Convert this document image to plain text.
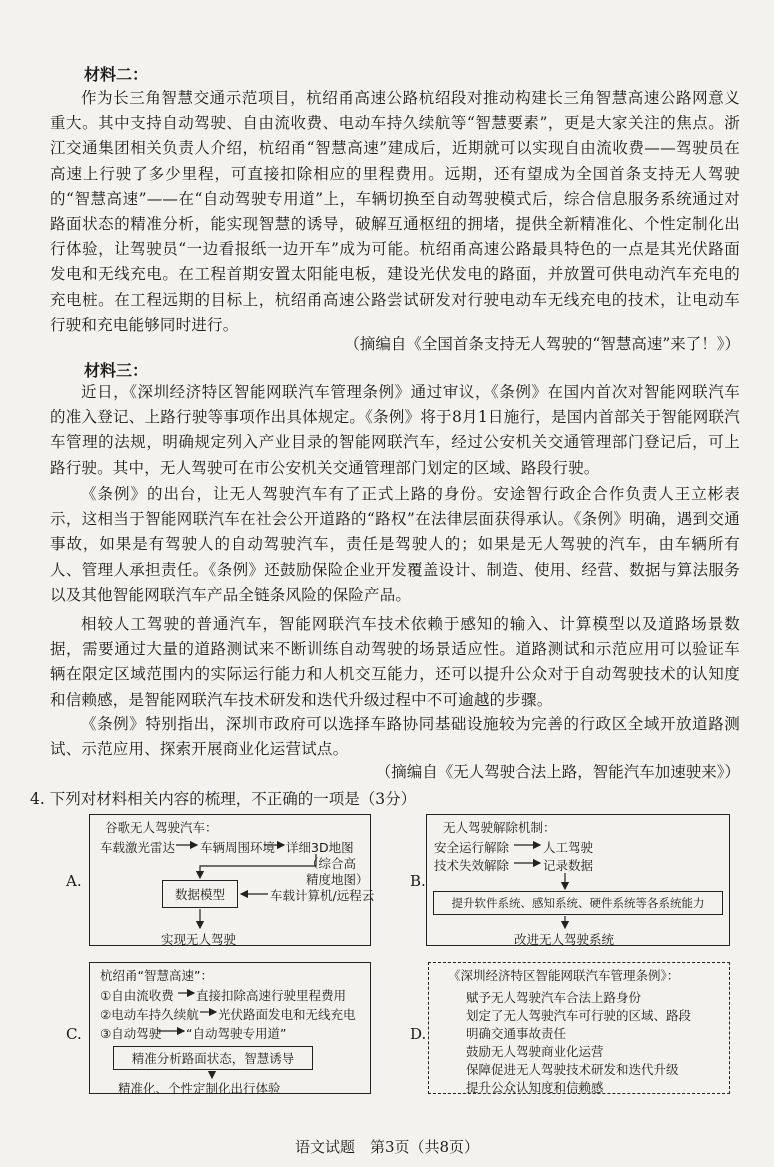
材料二：
作为长三角智慧交通示范项目，杭绍甬高速公路杭绍段对推动构建长三角智慧高速公路网意义重大。其中支持自动驾驶、自由流收费、电动车持久续航等“智慧要素”，更是大家关注的焦点。浙江交通集团相关负责人介绍，杭绍甬“智慧高速”建成后，近期就可以实现自由流收费——驾驶员在高速上行驶了多少里程，可直接扣除相应的里程费用。远期，还有望成为全国首条支持无人驾驶的“智慧高速”——在“自动驾驶专用道”上，车辆切换至自动驾驶模式后，综合信息服务系统通过对路面状态的精准分析，能实现智慧的诱导，破解互通枢纽的拥堵，提供全新精准化、个性定制化出行体验，让驾驶员“一边看报纸一边开车”成为可能。杭绍甬高速公路最具特色的一点是其光伏路面发电和无线充电。在工程首期安置太阳能电板，建设光伏发电的路面，并放置可供电动汽车充电的充电桩。在工程远期的目标上，杭绍甬高速公路尝试研发对行驶电动车无线充电的技术，让电动车行驶和充电能够同时进行。
（摘编自《全国首条支持无人驾驶的“智慧高速”来了！》）
材料三：
近日，《深圳经济特区智能网联汽车管理条例》通过审议，《条例》在国内首次对智能网联汽车的准入登记、上路行驶等事项作出具体规定。《条例》将于8月1日施行，是国内首部关于智能网联汽车管理的法规，明确规定列入产业目录的智能网联汽车，经过公安机关交通管理部门登记后，可上路行驶。其中，无人驾驶可在市公安机关交通管理部门划定的区域、路段行驶。
《条例》的出台，让无人驾驶汽车有了正式上路的身份。安途智行政企合作负责人王立彬表示，这相当于智能网联汽车在社会公开道路的“路权”在法律层面获得承认。《条例》明确，遇到交通事故，如果是有驾驶人的自动驾驶汽车，责任是驾驶人的；如果是无人驾驶的汽车，由车辆所有人、管理人承担责任。《条例》还鼓励保险企业开发覆盖设计、制造、使用、经营、数据与算法服务以及其他智能网联汽车产品全链条风险的保险产品。
相较人工驾驶的普通汽车，智能网联汽车技术依赖于感知的输入、计算模型以及道路场景数据，需要通过大量的道路测试来不断训练自动驾驶的场景适应性。道路测试和示范应用可以验证车辆在限定区域范围内的实际运行能力和人机交互能力，还可以提升公众对于自动驾驶技术的认知度和信赖感，是智能网联汽车技术研发和迭代升级过程中不可逾越的步骤。
《条例》特别指出，深圳市政府可以选择车路协同基础设施较为完善的行政区全域开放道路测试、示范应用、探索开展商业化运营试点。
（摘编自《无人驾驶合法上路，智能汽车加速驶来》）
4. 下列对材料相关内容的梳理，不正确的一项是（3分）
A.
谷歌无人驾驶汽车：
车载激光雷达 车辆周围环境 详细3D地图
（综合高精度地图）
数据模型	车载计算机/远程云
实现无人驾驶
B.
无人驾驶解除机制：
安全运行解除
技术失效解除
人工驾驶
记录数据
提升软件系统、感知系统、硬件系统等各系统能力
改进无人驾驶系统
C.
杭绍甬“智慧高速”：
①自由流收费 直接扣除高速行驶里程费用
②电动车持久续航 光伏路面发电和无线充电
③自动驾驶 “自动驾驶专用道”
精准分析路面状态，智慧诱导
精准化、个性定制化出行体验
D.
《深圳经济特区智能网联汽车管理条例》：
赋予无人驾驶汽车合法上路身份
划定了无人驾驶汽车可行驶的区域、路段
明确交通事故责任
鼓励无人驾驶商业化运营
保障促进无人驾驶技术研发和迭代升级
提升公众认知度和信赖感
语文试题　第3页（共8页）
